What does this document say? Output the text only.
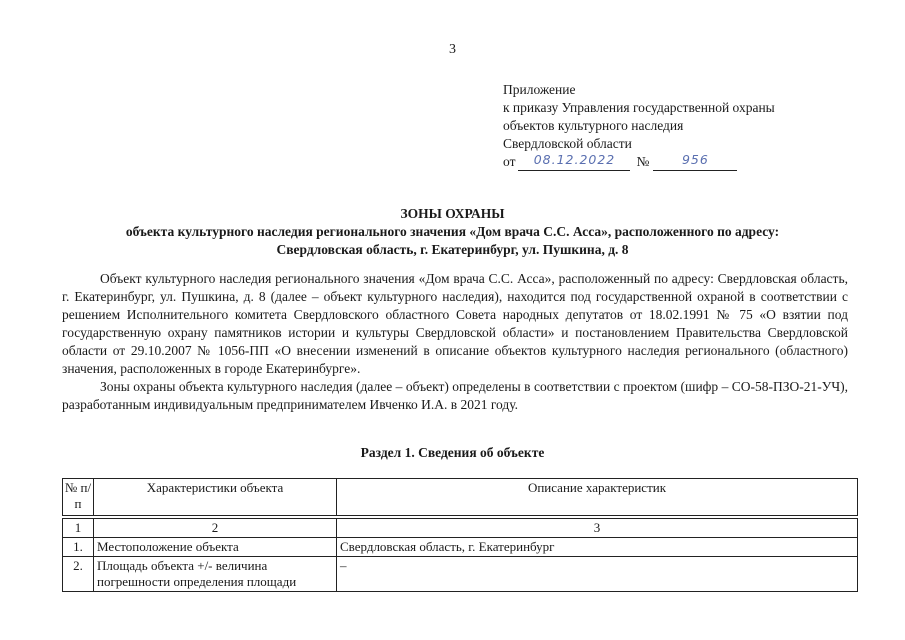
3
Приложение
к приказу Управления государственной охраны
объектов культурного наследия
Свердловской области
от	08.12.2022	№	956
ЗОНЫ ОХРАНЫ
объекта культурного наследия регионального значения «Дом врача С.С. Асса», расположенного по адресу:
Свердловская область, г. Екатеринбург, ул. Пушкина, д. 8

Объект культурного наследия регионального значения «Дом врача С.С. Асса», расположенный по адресу: Свердловская область, г. Екатеринбург, ул. Пушкина, д. 8 (далее – объект культурного наследия), находится под государственной охраной в соответствии с решением Исполнительного комитета Свердловского областного Совета народных депутатов от 18.02.1991 № 75 «О взятии под государственную охрану памятников истории и культуры Свердловской области» и постановлением Правительства Свердловской области от 29.10.2007 № 1056-ПП «О внесении изменений в описание объектов культурного наследия регионального (областного) значения, расположенных в городе Екатеринбурге».

Зоны охраны объекта культурного наследия (далее – объект) определены в соответствии с проектом (шифр – СО-58-ПЗО-21-УЧ), разработанным индивидуальным предпринимателем Ивченко И.А. в 2021 году.

Раздел 1. Сведения об объекте
№ п/п	Характеристики объекта	Описание характеристик

1	2	3
1.	Местоположение объекта	Свердловская область, г. Екатеринбург
2.	Площадь объекта +/- величина погрешности определения площади	–
